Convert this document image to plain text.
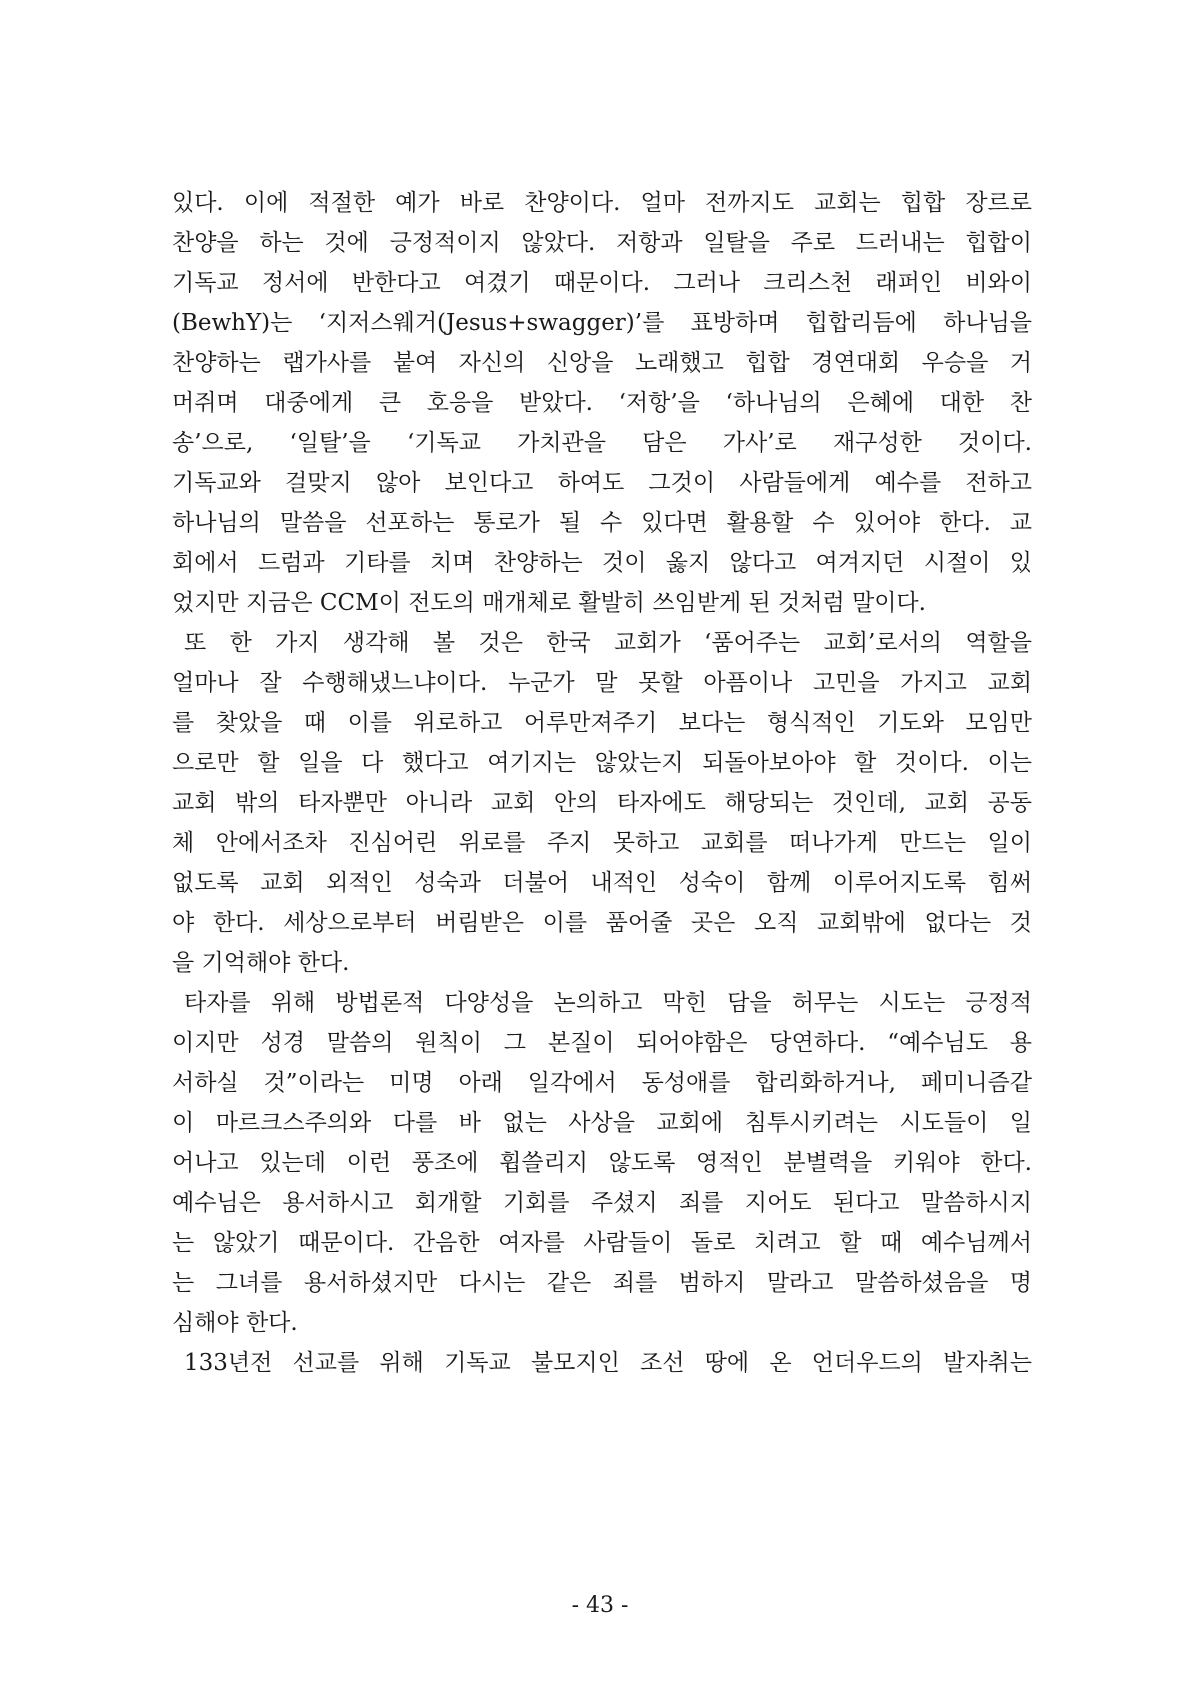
있다. 이에 적절한 예가 바로 찬양이다. 얼마 전까지도 교회는 힙합 장르로
찬양을 하는 것에 긍정적이지 않았다. 저항과 일탈을 주로 드러내는 힙합이
기독교 정서에 반한다고 여겼기 때문이다. 그러나 크리스천 래퍼인 비와이
(BewhY)는 ‘지저스웨거(Jesus+swagger)’를 표방하며 힙합리듬에 하나님을
찬양하는 랩가사를 붙여 자신의 신앙을 노래했고 힙합 경연대회 우승을 거
머쥐며 대중에게 큰 호응을 받았다. ‘저항’을 ‘하나님의 은혜에 대한 찬
송’으로, ‘일탈’을 ‘기독교 가치관을 담은 가사’로 재구성한 것이다.
기독교와 걸맞지 않아 보인다고 하여도 그것이 사람들에게 예수를 전하고
하나님의 말씀을 선포하는 통로가 될 수 있다면 활용할 수 있어야 한다. 교
회에서 드럼과 기타를 치며 찬양하는 것이 옳지 않다고 여겨지던 시절이 있
었지만 지금은 CCM이 전도의 매개체로 활발히 쓰임받게 된 것처럼 말이다.
또 한 가지 생각해 볼 것은 한국 교회가 ‘품어주는 교회’로서의 역할을
얼마나 잘 수행해냈느냐이다. 누군가 말 못할 아픔이나 고민을 가지고 교회
를 찾았을 때 이를 위로하고 어루만져주기 보다는 형식적인 기도와 모임만
으로만 할 일을 다 했다고 여기지는 않았는지 되돌아보아야 할 것이다. 이는
교회 밖의 타자뿐만 아니라 교회 안의 타자에도 해당되는 것인데, 교회 공동
체 안에서조차 진심어린 위로를 주지 못하고 교회를 떠나가게 만드는 일이
없도록 교회 외적인 성숙과 더불어 내적인 성숙이 함께 이루어지도록 힘써
야 한다. 세상으로부터 버림받은 이를 품어줄 곳은 오직 교회밖에 없다는 것
을 기억해야 한다.
타자를 위해 방법론적 다양성을 논의하고 막힌 담을 허무는 시도는 긍정적
이지만 성경 말씀의 원칙이 그 본질이 되어야함은 당연하다. “예수님도 용
서하실 것”이라는 미명 아래 일각에서 동성애를 합리화하거나, 페미니즘같
이 마르크스주의와 다를 바 없는 사상을 교회에 침투시키려는 시도들이 일
어나고 있는데 이런 풍조에 휩쓸리지 않도록 영적인 분별력을 키워야 한다.
예수님은 용서하시고 회개할 기회를 주셨지 죄를 지어도 된다고 말씀하시지
는 않았기 때문이다. 간음한 여자를 사람들이 돌로 치려고 할 때 예수님께서
는 그녀를 용서하셨지만 다시는 같은 죄를 범하지 말라고 말씀하셨음을 명
심해야 한다.
133년전 선교를 위해 기독교 불모지인 조선 땅에 온 언더우드의 발자취는
- 43 -
